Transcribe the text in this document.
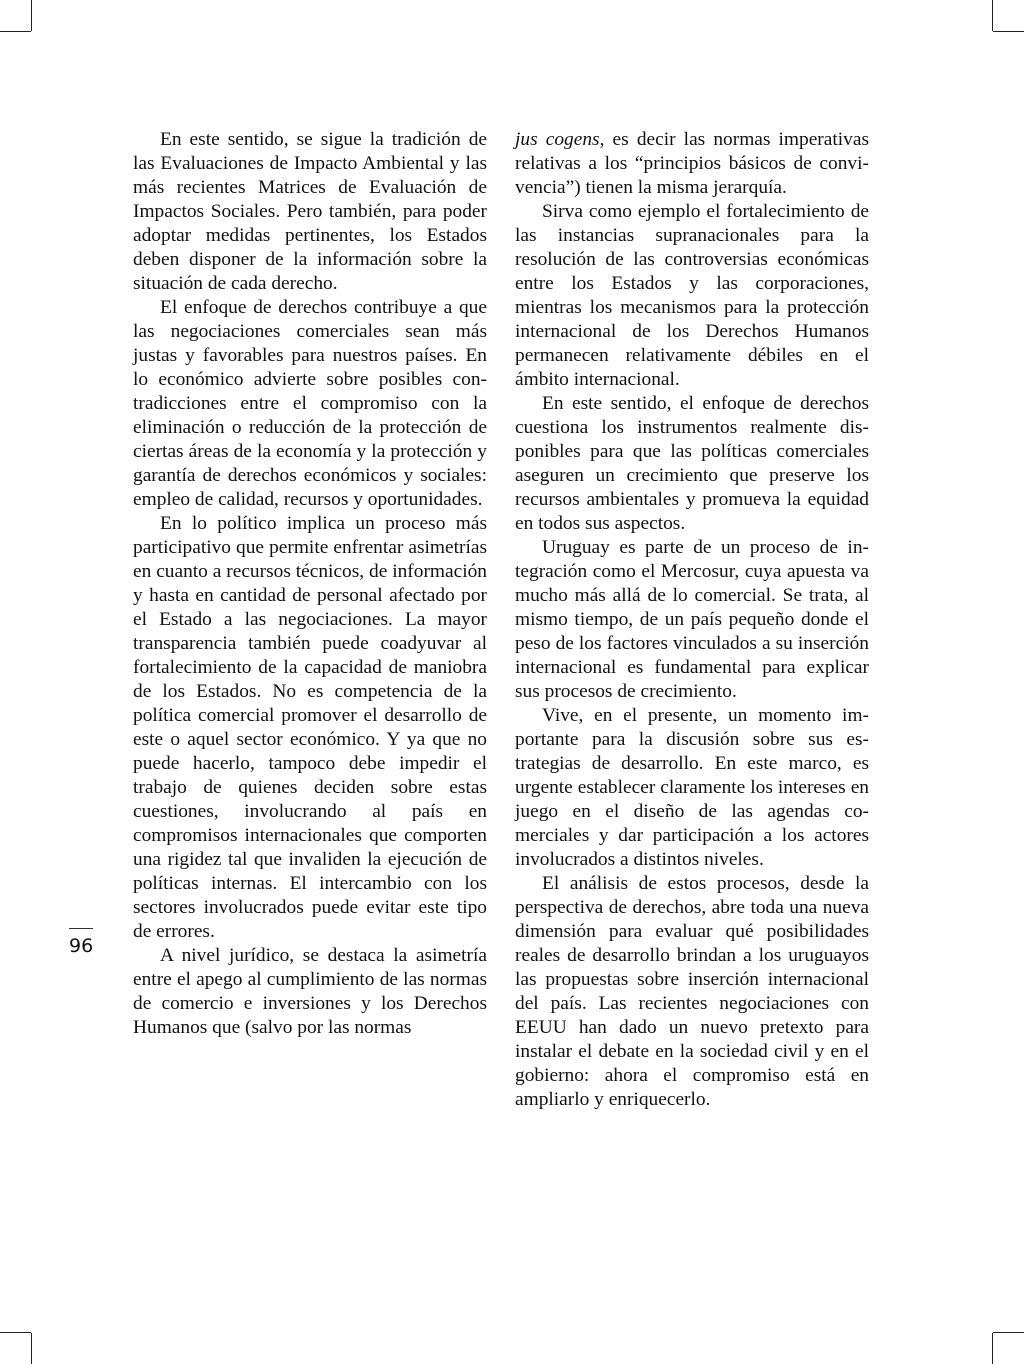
96

En este sentido, se sigue la tradición de las Evaluaciones de Impacto Ambiental y las más recientes Matrices de Evaluación de Impactos Sociales. Pero también, para poder adoptar medidas pertinentes, los Estados deben disponer de la información sobre la situación de cada derecho.

El enfoque de derechos contribuye a que las negociaciones comerciales sean más justas y favorables para nuestros países. En lo económico advierte sobre posibles contradicciones entre el compromiso con la eliminación o reducción de la protección de ciertas áreas de la economía y la protección y garantía de derechos económicos y sociales: empleo de calidad, recursos y oportunidades.

En lo político implica un proceso más participativo que permite enfrentar asimetrías en cuanto a recursos técnicos, de información y hasta en cantidad de personal afectado por el Estado a las negociaciones. La mayor transparencia también puede coadyuvar al fortalecimiento de la capacidad de maniobra de los Estados. No es competencia de la política comercial promover el desarrollo de este o aquel sector económico. Y ya que no puede hacerlo, tampoco debe impedir el trabajo de quienes deciden sobre estas cuestiones, involucrando al país en compromisos internacionales que comporten una rigidez tal que invaliden la ejecución de políticas internas. El intercambio con los sectores involucrados puede evitar este tipo de errores.

A nivel jurídico, se destaca la asimetría entre el apego al cumplimiento de las normas de comercio e inversiones y los Derechos Humanos que (salvo por las normas

jus cogens, es decir las normas imperativas relativas a los “principios básicos de convivencia”) tienen la misma jerarquía.

Sirva como ejemplo el fortalecimiento de las instancias supranacionales para la resolución de las controversias económicas entre los Estados y las corporaciones, mientras los mecanismos para la protección internacional de los Derechos Humanos permanecen relativamente débiles en el ámbito internacional.

En este sentido, el enfoque de derechos cuestiona los instrumentos realmente disponibles para que las políticas comerciales aseguren un crecimiento que preserve los recursos ambientales y promueva la equidad en todos sus aspectos.

Uruguay es parte de un proceso de integración como el Mercosur, cuya apuesta va mucho más allá de lo comercial. Se trata, al mismo tiempo, de un país pequeño donde el peso de los factores vinculados a su inserción internacional es fundamental para explicar sus procesos de crecimiento.

Vive, en el presente, un momento importante para la discusión sobre sus estrategias de desarrollo. En este marco, es urgente establecer claramente los intereses en juego en el diseño de las agendas comerciales y dar participación a los actores involucrados a distintos niveles.

El análisis de estos procesos, desde la perspectiva de derechos, abre toda una nueva dimensión para evaluar qué posibilidades reales de desarrollo brindan a los uruguayos las propuestas sobre inserción internacional del país. Las recientes negociaciones con EEUU han dado un nuevo pretexto para instalar el debate en la sociedad civil y en el gobierno: ahora el compromiso está en ampliarlo y enriquecerlo.
